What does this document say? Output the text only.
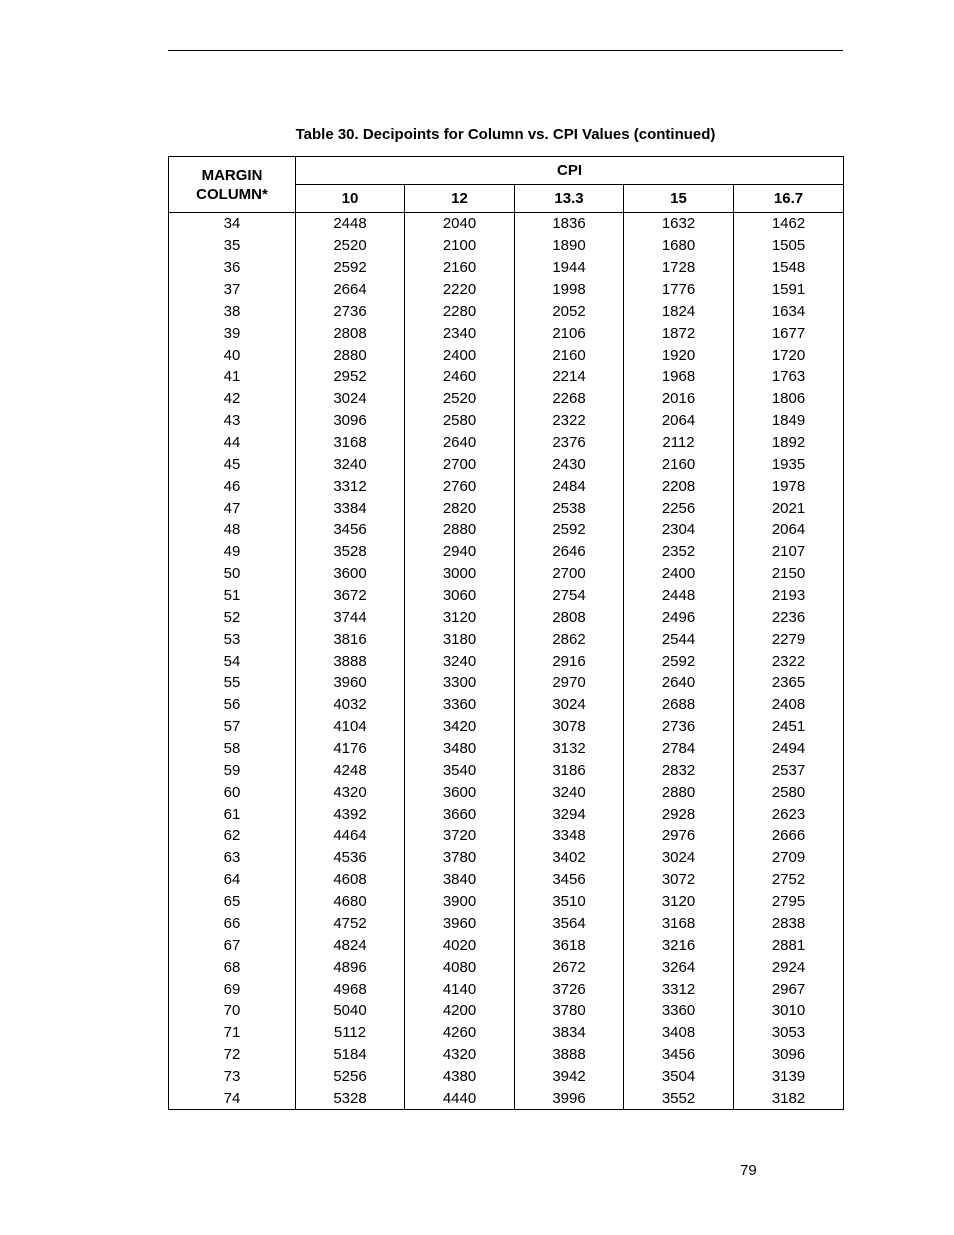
Table 30. Decipoints for Column vs. CPI Values (continued)
MARGIN
COLUMN*	CPI				
	10	12	13.3	15	16.7
34	2448	2040	1836	1632	1462
35	2520	2100	1890	1680	1505
36	2592	2160	1944	1728	1548
37	2664	2220	1998	1776	1591
38	2736	2280	2052	1824	1634
39	2808	2340	2106	1872	1677
40	2880	2400	2160	1920	1720
41	2952	2460	2214	1968	1763
42	3024	2520	2268	2016	1806
43	3096	2580	2322	2064	1849
44	3168	2640	2376	2112	1892
45	3240	2700	2430	2160	1935
46	3312	2760	2484	2208	1978
47	3384	2820	2538	2256	2021
48	3456	2880	2592	2304	2064
49	3528	2940	2646	2352	2107
50	3600	3000	2700	2400	2150
51	3672	3060	2754	2448	2193
52	3744	3120	2808	2496	2236
53	3816	3180	2862	2544	2279
54	3888	3240	2916	2592	2322
55	3960	3300	2970	2640	2365
56	4032	3360	3024	2688	2408
57	4104	3420	3078	2736	2451
58	4176	3480	3132	2784	2494
59	4248	3540	3186	2832	2537
60	4320	3600	3240	2880	2580
61	4392	3660	3294	2928	2623
62	4464	3720	3348	2976	2666
63	4536	3780	3402	3024	2709
64	4608	3840	3456	3072	2752
65	4680	3900	3510	3120	2795
66	4752	3960	3564	3168	2838
67	4824	4020	3618	3216	2881
68	4896	4080	2672	3264	2924
69	4968	4140	3726	3312	2967
70	5040	4200	3780	3360	3010
71	5112	4260	3834	3408	3053
72	5184	4320	3888	3456	3096
73	5256	4380	3942	3504	3139
74	5328	4440	3996	3552	3182
79
